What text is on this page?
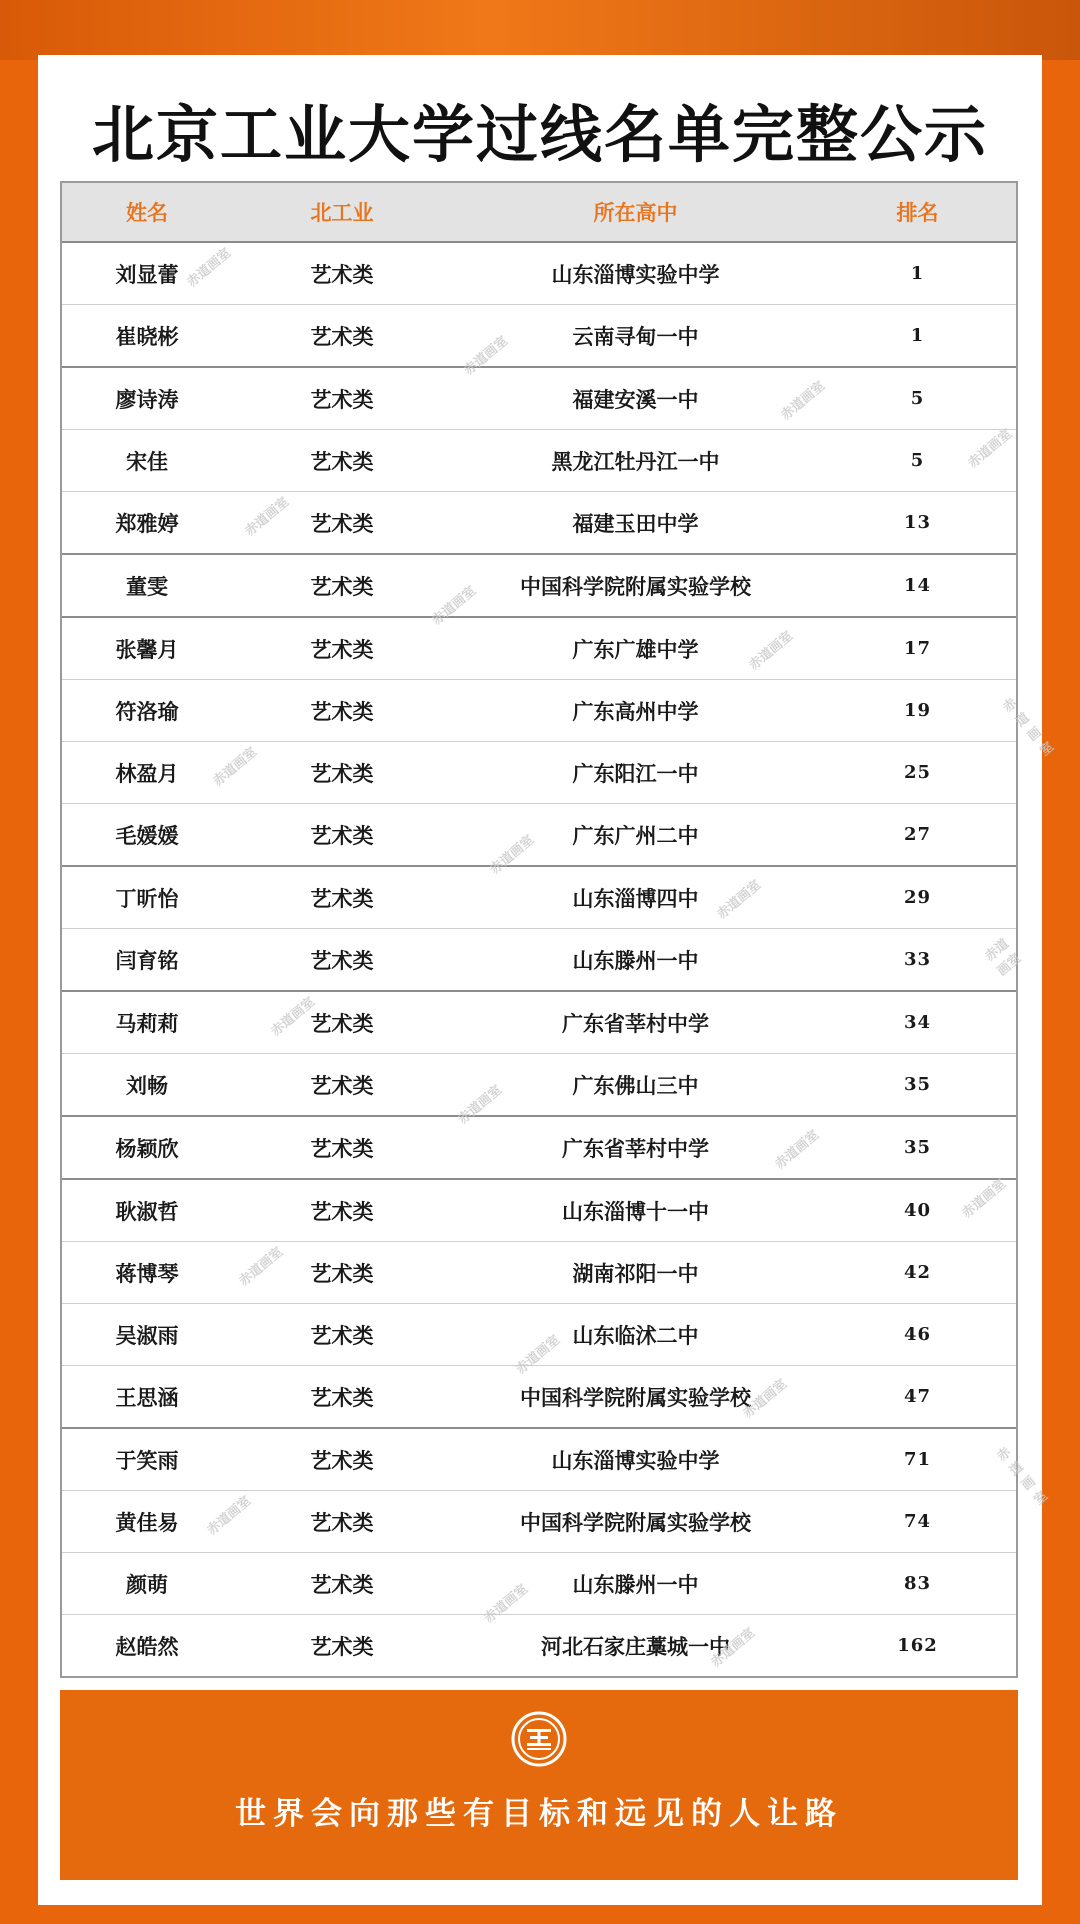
北京工业大学过线名单完整公示
姓名	北工业	所在高中	排名
刘显蕾	艺术类	山东淄博实验中学	1
赤道画室
崔晓彬	艺术类	云南寻甸一中	1
赤道画室
廖诗涛	艺术类	福建安溪一中	5
赤道画室
宋佳	艺术类	黑龙江牡丹江一中	5	赤道画室
郑雅婷	艺术类	福建玉田中学	13
赤道画室
董雯	艺术类	中国科学院附属实验学校	14
赤道画室
张馨月	艺术类	广东广雄中学	17
赤道画室
符洛瑜	艺术类	广东高州中学	19	赤道画室
林盈月	艺术类	广东阳江一中	25
赤道画室
毛媛媛	艺术类	广东广州二中	27
赤道画室
丁昕怡	艺术类	山东淄博四中	29
赤道画室
闫育铭	艺术类	山东滕州一中	33	赤道画室
马莉莉	艺术类	广东省莘村中学	34
赤道画室
刘畅	艺术类	广东佛山三中	35
赤道画室
杨颖欣	艺术类	广东省莘村中学	35
赤道画室
耿淑哲	艺术类	山东淄博十一中	40	赤道画室
蒋博琴	艺术类	湖南祁阳一中	42
赤道画室
吴淑雨	艺术类	山东临沭二中	46
赤道画室
王思涵	艺术类	中国科学院附属实验学校	47
赤道画室
于笑雨	艺术类	山东淄博实验中学	71	赤道画室
黄佳易	艺术类	中国科学院附属实验学校	74
赤道画室
颜萌	艺术类	山东滕州一中	83
赤道画室
赵皓然	艺术类	河北石家庄藁城一中	162
赤道画室
世界会向那些有目标和远见的人让路
